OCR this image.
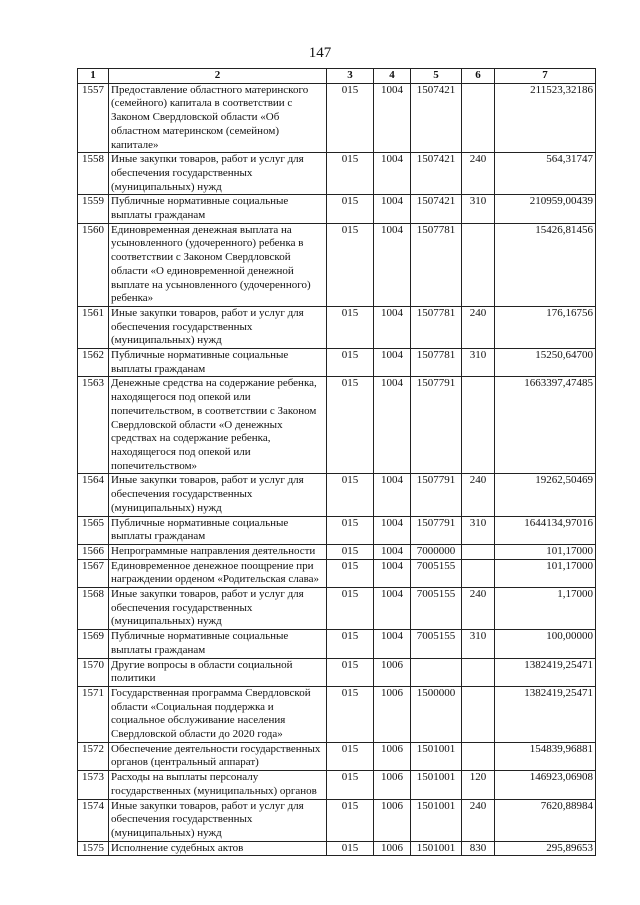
147
1	2	3	4	5	6	7
1557	Предоставление областного материнского (семейного) капитала в соответствии с Законом Свердловской области «Об областном материнском (семейном) капитале»	015	1004	1507421		211523,32186
1558	Иные закупки товаров, работ и услуг для обеспечения государственных (муниципальных) нужд	015	1004	1507421	240	564,31747
1559	Публичные нормативные социальные выплаты гражданам	015	1004	1507421	310	210959,00439
1560	Единовременная денежная выплата на усыновленного (удочеренного) ребенка в соответствии с Законом Свердловской области «О единовременной денежной выплате на усыновленного (удочеренного) ребенка»	015	1004	1507781		15426,81456
1561	Иные закупки товаров, работ и услуг для обеспечения государственных (муниципальных) нужд	015	1004	1507781	240	176,16756
1562	Публичные нормативные социальные выплаты гражданам	015	1004	1507781	310	15250,64700
1563	Денежные средства на содержание ребенка, находящегося под опекой или попечительством, в соответствии с Законом Свердловской области «О денежных средствах на содержание ребенка, находящегося под опекой или попечительством»	015	1004	1507791		1663397,47485
1564	Иные закупки товаров, работ и услуг для обеспечения государственных (муниципальных) нужд	015	1004	1507791	240	19262,50469
1565	Публичные нормативные социальные выплаты гражданам	015	1004	1507791	310	1644134,97016
1566	Непрограммные направления деятельности	015	1004	7000000		101,17000
1567	Единовременное денежное поощрение при награждении орденом «Родительская слава»	015	1004	7005155		101,17000
1568	Иные закупки товаров, работ и услуг для обеспечения государственных (муниципальных) нужд	015	1004	7005155	240	1,17000
1569	Публичные нормативные социальные выплаты гражданам	015	1004	7005155	310	100,00000
1570	Другие вопросы в области социальной политики	015	1006			1382419,25471
1571	Государственная программа Свердловской области «Социальная поддержка и социальное обслуживание населения Свердловской области до 2020 года»	015	1006	1500000		1382419,25471
1572	Обеспечение деятельности государственных органов (центральный аппарат)	015	1006	1501001		154839,96881
1573	Расходы на выплаты персоналу государственных (муниципальных) органов	015	1006	1501001	120	146923,06908
1574	Иные закупки товаров, работ и услуг для обеспечения государственных (муниципальных) нужд	015	1006	1501001	240	7620,88984
1575	Исполнение судебных актов	015	1006	1501001	830	295,89653
